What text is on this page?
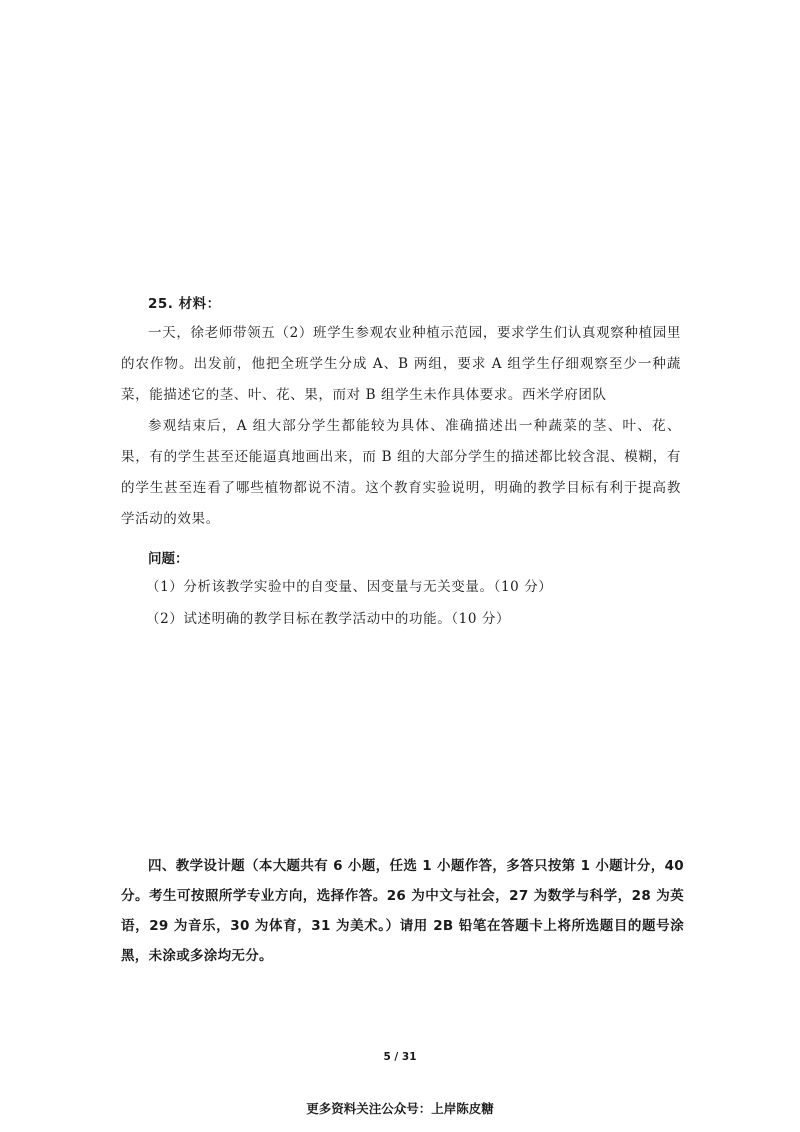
25. 材料：

一天，徐老师带领五（2）班学生参观农业种植示范园，要求学生们认真观察种植园里的农作物。出发前，他把全班学生分成 A、B 两组，要求 A 组学生仔细观察至少一种蔬菜，能描述它的茎、叶、花、果，而对 B 组学生未作具体要求。西米学府团队

参观结束后，A 组大部分学生都能较为具体、准确描述出一种蔬菜的茎、叶、花、果，有的学生甚至还能逼真地画出来，而 B 组的大部分学生的描述都比较含混、模糊，有的学生甚至连看了哪些植物都说不清。这个教育实验说明，明确的教学目标有利于提高教学活动的效果。

问题：
（1）分析该教学实验中的自变量、因变量与无关变量。（10 分）
（2）试述明确的教学目标在教学活动中的功能。（10 分）
四、教学设计题（本大题共有 6 小题，任选 1 小题作答，多答只按第 1 小题计分，40 分。考生可按照所学专业方向，选择作答。26 为中文与社会，27 为数学与科学，28 为英语，29 为音乐，30 为体育，31 为美术。）请用 2B 铅笔在答题卡上将所选题目的题号涂黑，未涂或多涂均无分。
5 / 31
更多资料关注公众号：上岸陈皮糖
